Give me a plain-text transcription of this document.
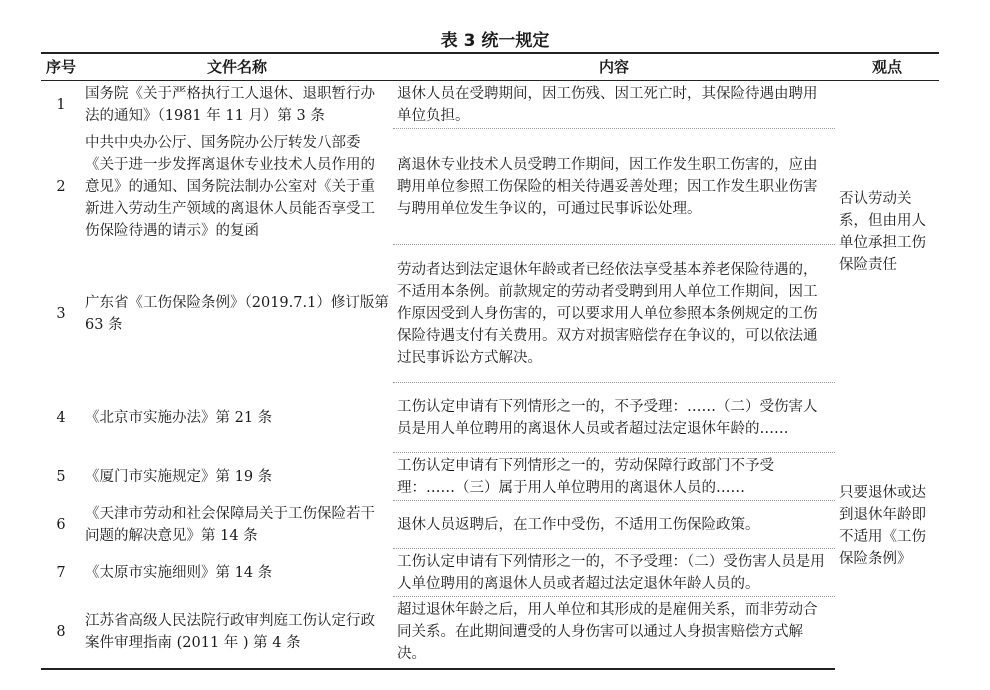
表 3 统一规定
序号	文件名称	内容	观点
1	国务院《关于严格执行工人退休、退职暂行办法的通知》（1981 年 11 月）第 3 条	退休人员在受聘期间，因工伤残、因工死亡时，其保险待遇由聘用单位负担。	否认劳动关系，但由用人单位承担工伤保险责任
2	中共中央办公厅、国务院办公厅转发八部委《关于进一步发挥离退休专业技术人员作用的意见》的通知、国务院法制办公室对《关于重新进入劳动生产领域的离退休人员能否享受工伤保险待遇的请示》的复函	离退休专业技术人员受聘工作期间，因工作发生职工伤害的，应由聘用单位参照工伤保险的相关待遇妥善处理；因工作发生职业伤害与聘用单位发生争议的，可通过民事诉讼处理。	
3	广东省《工伤保险条例》（2019.7.1）修订版第 63 条	劳动者达到法定退休年龄或者已经依法享受基本养老保险待遇的，不适用本条例。前款规定的劳动者受聘到用人单位工作期间，因工作原因受到人身伤害的，可以要求用人单位参照本条例规定的工伤保险待遇支付有关费用。双方对损害赔偿存在争议的，可以依法通过民事诉讼方式解决。	
4	《北京市实施办法》第 21 条	工伤认定申请有下列情形之一的，不予受理：……（二）受伤害人员是用人单位聘用的离退休人员或者超过法定退休年龄的……	只要退休或达到退休年龄即不适用《工伤保险条例》
5	《厦门市实施规定》第 19 条	工伤认定申请有下列情形之一的，劳动保障行政部门不予受理：……（三）属于用人单位聘用的离退休人员的……	
6	《天津市劳动和社会保障局关于工伤保险若干问题的解决意见》第 14 条	退休人员返聘后，在工作中受伤，不适用工伤保险政策。	
7	《太原市实施细则》第 14 条	工伤认定申请有下列情形之一的，不予受理：（二）受伤害人员是用人单位聘用的离退休人员或者超过法定退休年龄人员的。	
8	江苏省高级人民法院行政审判庭工伤认定行政案件审理指南 (2011 年 ) 第 4 条	超过退休年龄之后，用人单位和其形成的是雇佣关系，而非劳动合同关系。在此期间遭受的人身伤害可以通过人身损害赔偿方式解决。	
